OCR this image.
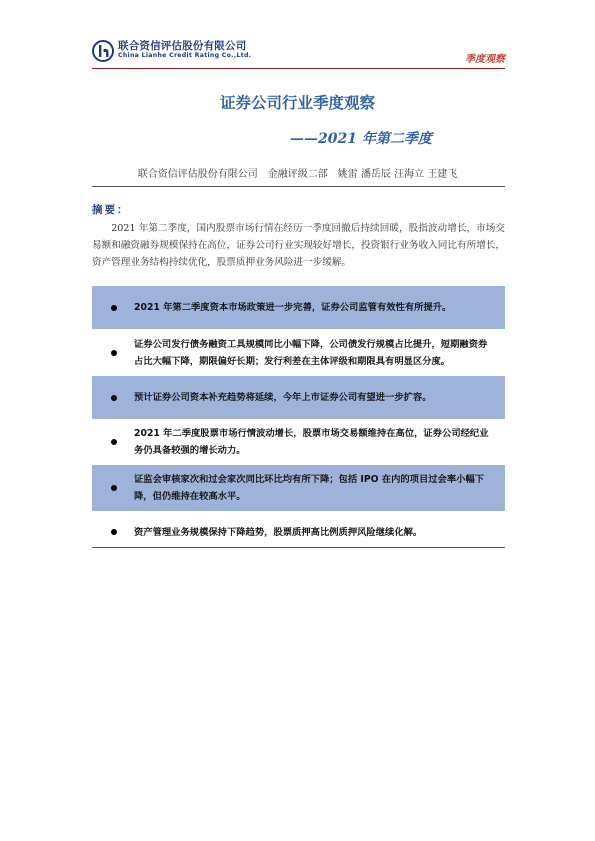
联合资信评估股份有限公司
China Lianhe Credit Rating Co.,Ltd.	季度观察
证券公司行业季度观察
——2021 年第二季度
联合资信评估股份有限公司　金融评级二部　姚雷 潘岳辰 汪海立 王建飞
摘要：
2021 年第二季度，国内股票市场行情在经历一季度回撤后持续回暖，股指波动增长，市场交易额和融资融券规模保持在高位，证券公司行业实现较好增长，投资银行业务收入同比有所增长，资产管理业务结构持续优化，股票质押业务风险进一步缓解。
2021 年第二季度资本市场政策进一步完善，证券公司监管有效性有所提升。
证券公司发行债务融资工具规模同比小幅下降，公司债发行规模占比提升，短期融资券占比大幅下降，期限偏好长期；发行利差在主体评级和期限具有明显区分度。
预计证券公司资本补充趋势将延续，今年上市证券公司有望进一步扩容。
2021 年二季度股票市场行情波动增长，股票市场交易额维持在高位，证券公司经纪业务仍具备较强的增长动力。
证监会审核家次和过会家次同比环比均有所下降；包括 IPO 在内的项目过会率小幅下降，但仍维持在较高水平。
资产管理业务规模保持下降趋势，股票质押高比例质押风险继续化解。
